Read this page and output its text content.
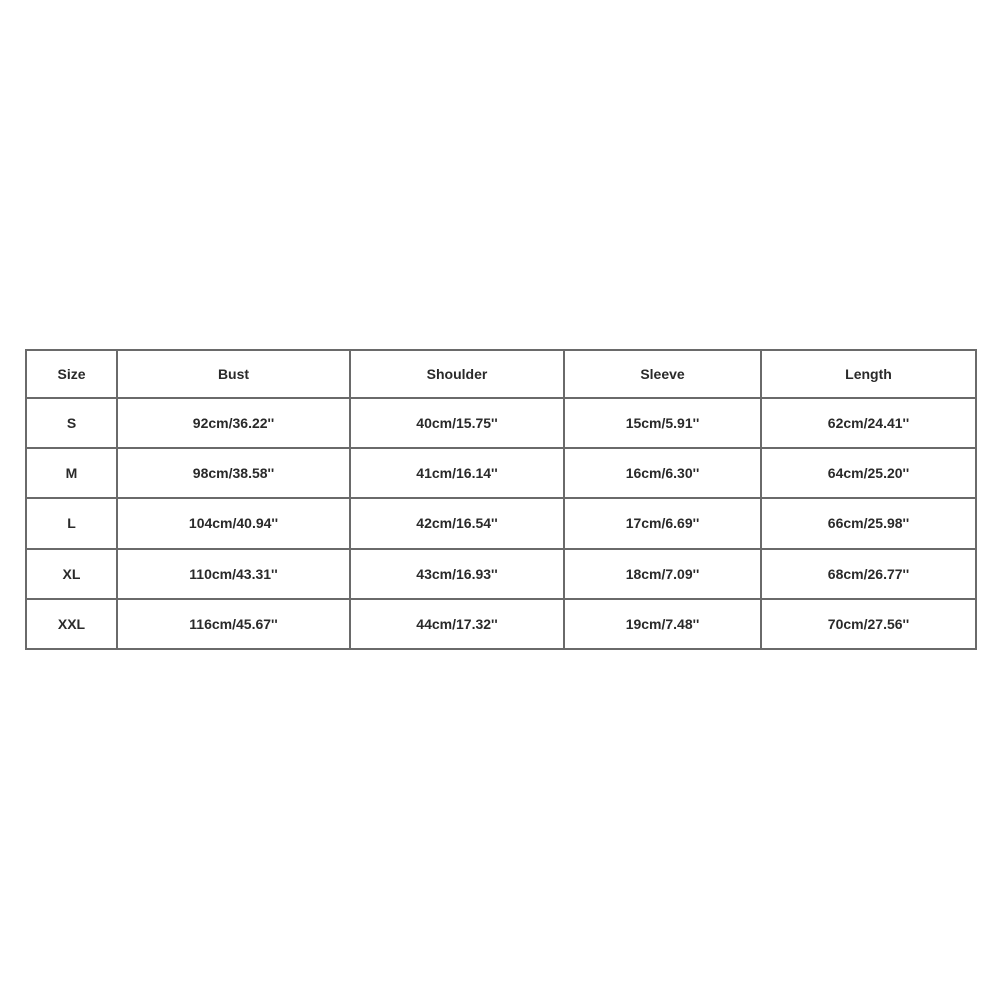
Size	Bust	Shoulder	Sleeve	Length
S	92cm/36.22''	40cm/15.75''	15cm/5.91''	62cm/24.41''
M	98cm/38.58''	41cm/16.14''	16cm/6.30''	64cm/25.20''
L	104cm/40.94''	42cm/16.54''	17cm/6.69''	66cm/25.98''
XL	110cm/43.31''	43cm/16.93''	18cm/7.09''	68cm/26.77''
XXL	116cm/45.67''	44cm/17.32''	19cm/7.48''	70cm/27.56''
